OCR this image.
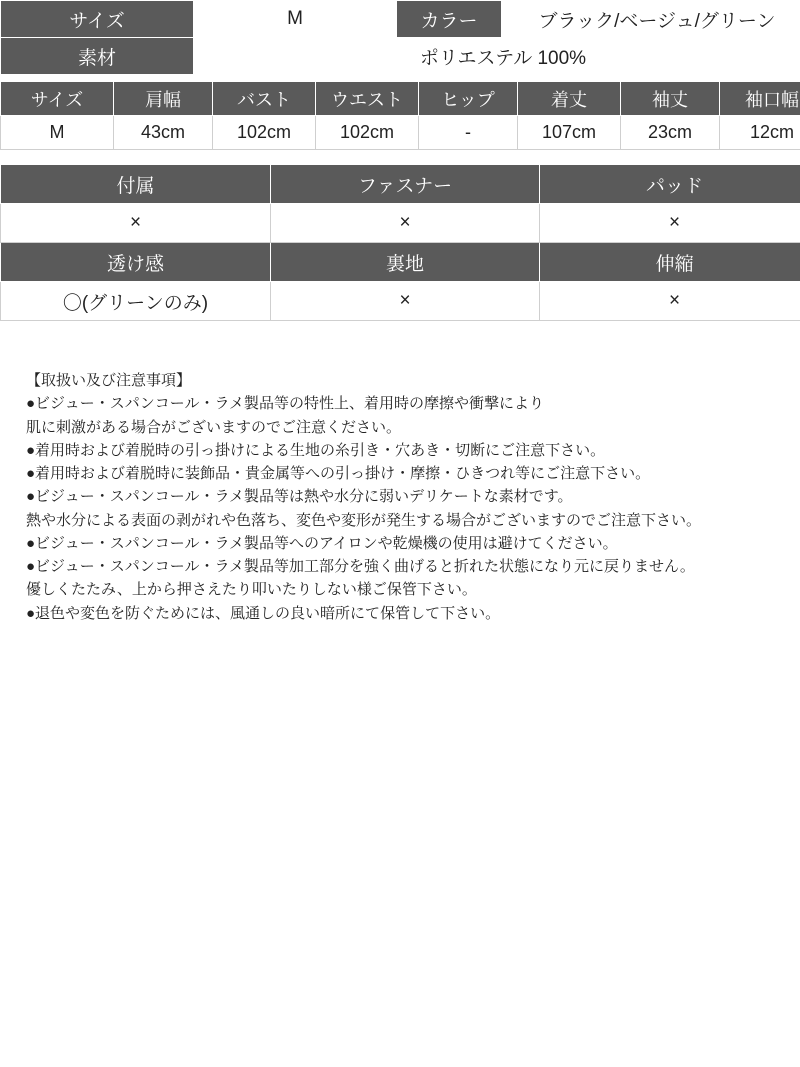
サイズ	M	カラー	ブラック/ベージュ/グリーン
素材	ポリエステル 100%		
サイズ	肩幅	バスト	ウエスト	ヒップ	着丈	袖丈	袖口幅
M	43cm	102cm	102cm	-	107cm	23cm	12cm
付属	ファスナー	パッド
×	×	×
透け感	裏地	伸縮
〇(グリーンのみ)	×	×
【取扱い及び注意事項】
●ビジュー・スパンコール・ラメ製品等の特性上、着用時の摩擦や衝撃により
肌に刺激がある場合がございますのでご注意ください。
●着用時および着脱時の引っ掛けによる生地の糸引き・穴あき・切断にご注意下さい。
●着用時および着脱時に装飾品・貴金属等への引っ掛け・摩擦・ひきつれ等にご注意下さい。
●ビジュー・スパンコール・ラメ製品等は熱や水分に弱いデリケートな素材です。
熱や水分による表面の剥がれや色落ち、変色や変形が発生する場合がございますのでご注意下さい。
●ビジュー・スパンコール・ラメ製品等へのアイロンや乾燥機の使用は避けてください。
●ビジュー・スパンコール・ラメ製品等加工部分を強く曲げると折れた状態になり元に戻りません。
優しくたたみ、上から押さえたり叩いたりしない様ご保管下さい。
●退色や変色を防ぐためには、風通しの良い暗所にて保管して下さい。
